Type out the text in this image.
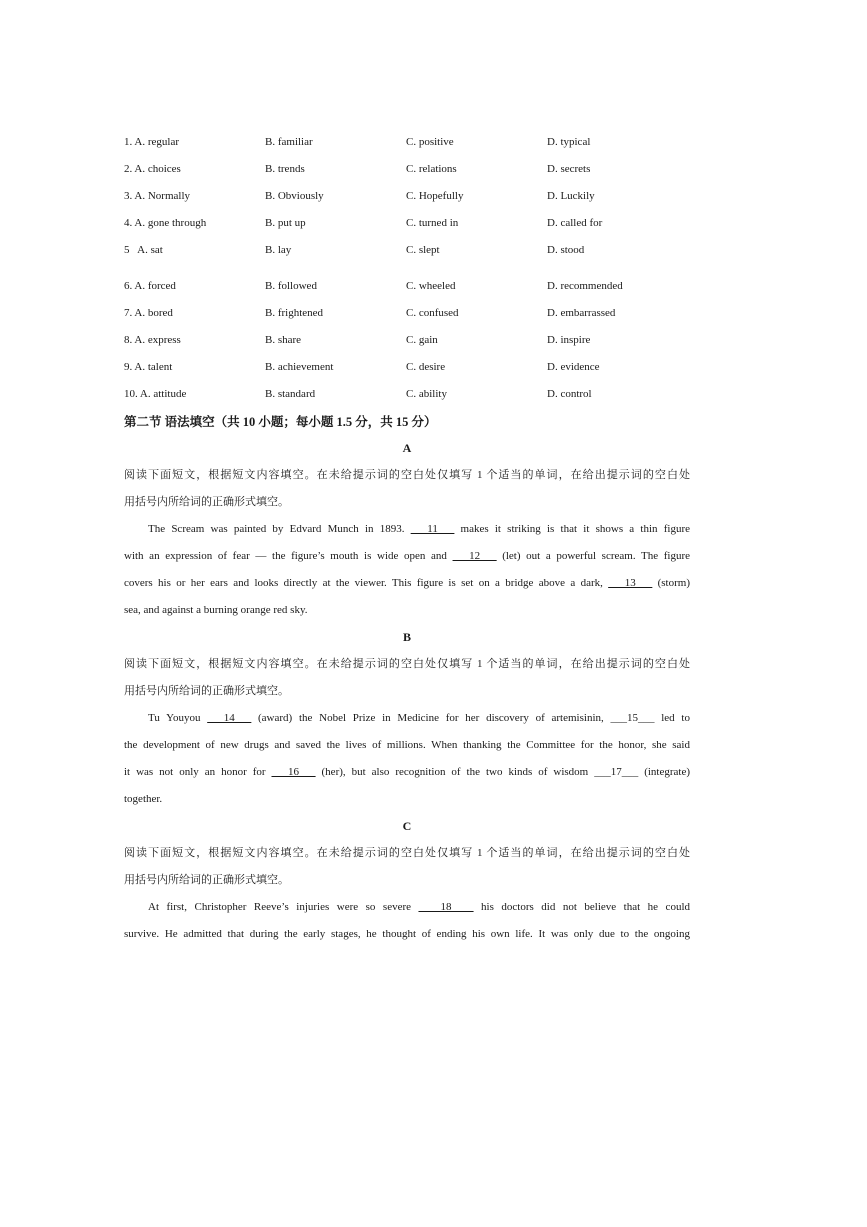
1. A. regular	B. familiar	C. positive	D. typical
2. A. choices	B. trends	C. relations	D. secrets
3. A. Normally	B. Obviously	C. Hopefully	D. Luckily
4. A. gone through	B. put up	C. turned in	D. called for
5   A. sat	B. lay	C. slept	D. stood
6. A. forced	B. followed	C. wheeled	D. recommended
7. A. bored	B. frightened	C. confused	D. embarrassed
8. A. express	B. share	C. gain	D. inspire
9. A. talent	B. achievement	C. desire	D. evidence
10. A. attitude	B. standard	C. ability	D. control
第二节 语法填空（共 10 小题；每小题 1.5 分，共 15 分）
A
阅读下面短文，根据短文内容填空。在未给提示词的空白处仅填写 1 个适当的单词，在给出提示词的空白处
用括号内所给词的正确形式填空。
The Scream was painted by Edvard Munch in 1893. ___11___ makes it striking is that it shows a thin figure
with an expression of fear — the figure’s mouth is wide open and ___12___ (let) out a powerful scream. The figure
covers his or her ears and looks directly at the viewer. This figure is set on a bridge above a dark, ___13___ (storm)
sea, and against a burning orange red sky.
B
阅读下面短文，根据短文内容填空。在未给提示词的空白处仅填写 1 个适当的单词，在给出提示词的空白处
用括号内所给词的正确形式填空。
Tu Youyou ___14___ (award) the Nobel Prize in Medicine for her discovery of artemisinin, ___15___ led to
the development of new drugs and saved the lives of millions. When thanking the Committee for the honor, she said
it was not only an honor for ___16___ (her), but also recognition of the two kinds of wisdom ___17___ (integrate)
together.
C
阅读下面短文，根据短文内容填空。在未给提示词的空白处仅填写 1 个适当的单词，在给出提示词的空白处
用括号内所给词的正确形式填空。
At first, Christopher Reeve’s injuries were so severe ____18____ his doctors did not believe that he could
survive. He admitted that during the early stages, he thought of ending his own life. It was only due to the ongoing
